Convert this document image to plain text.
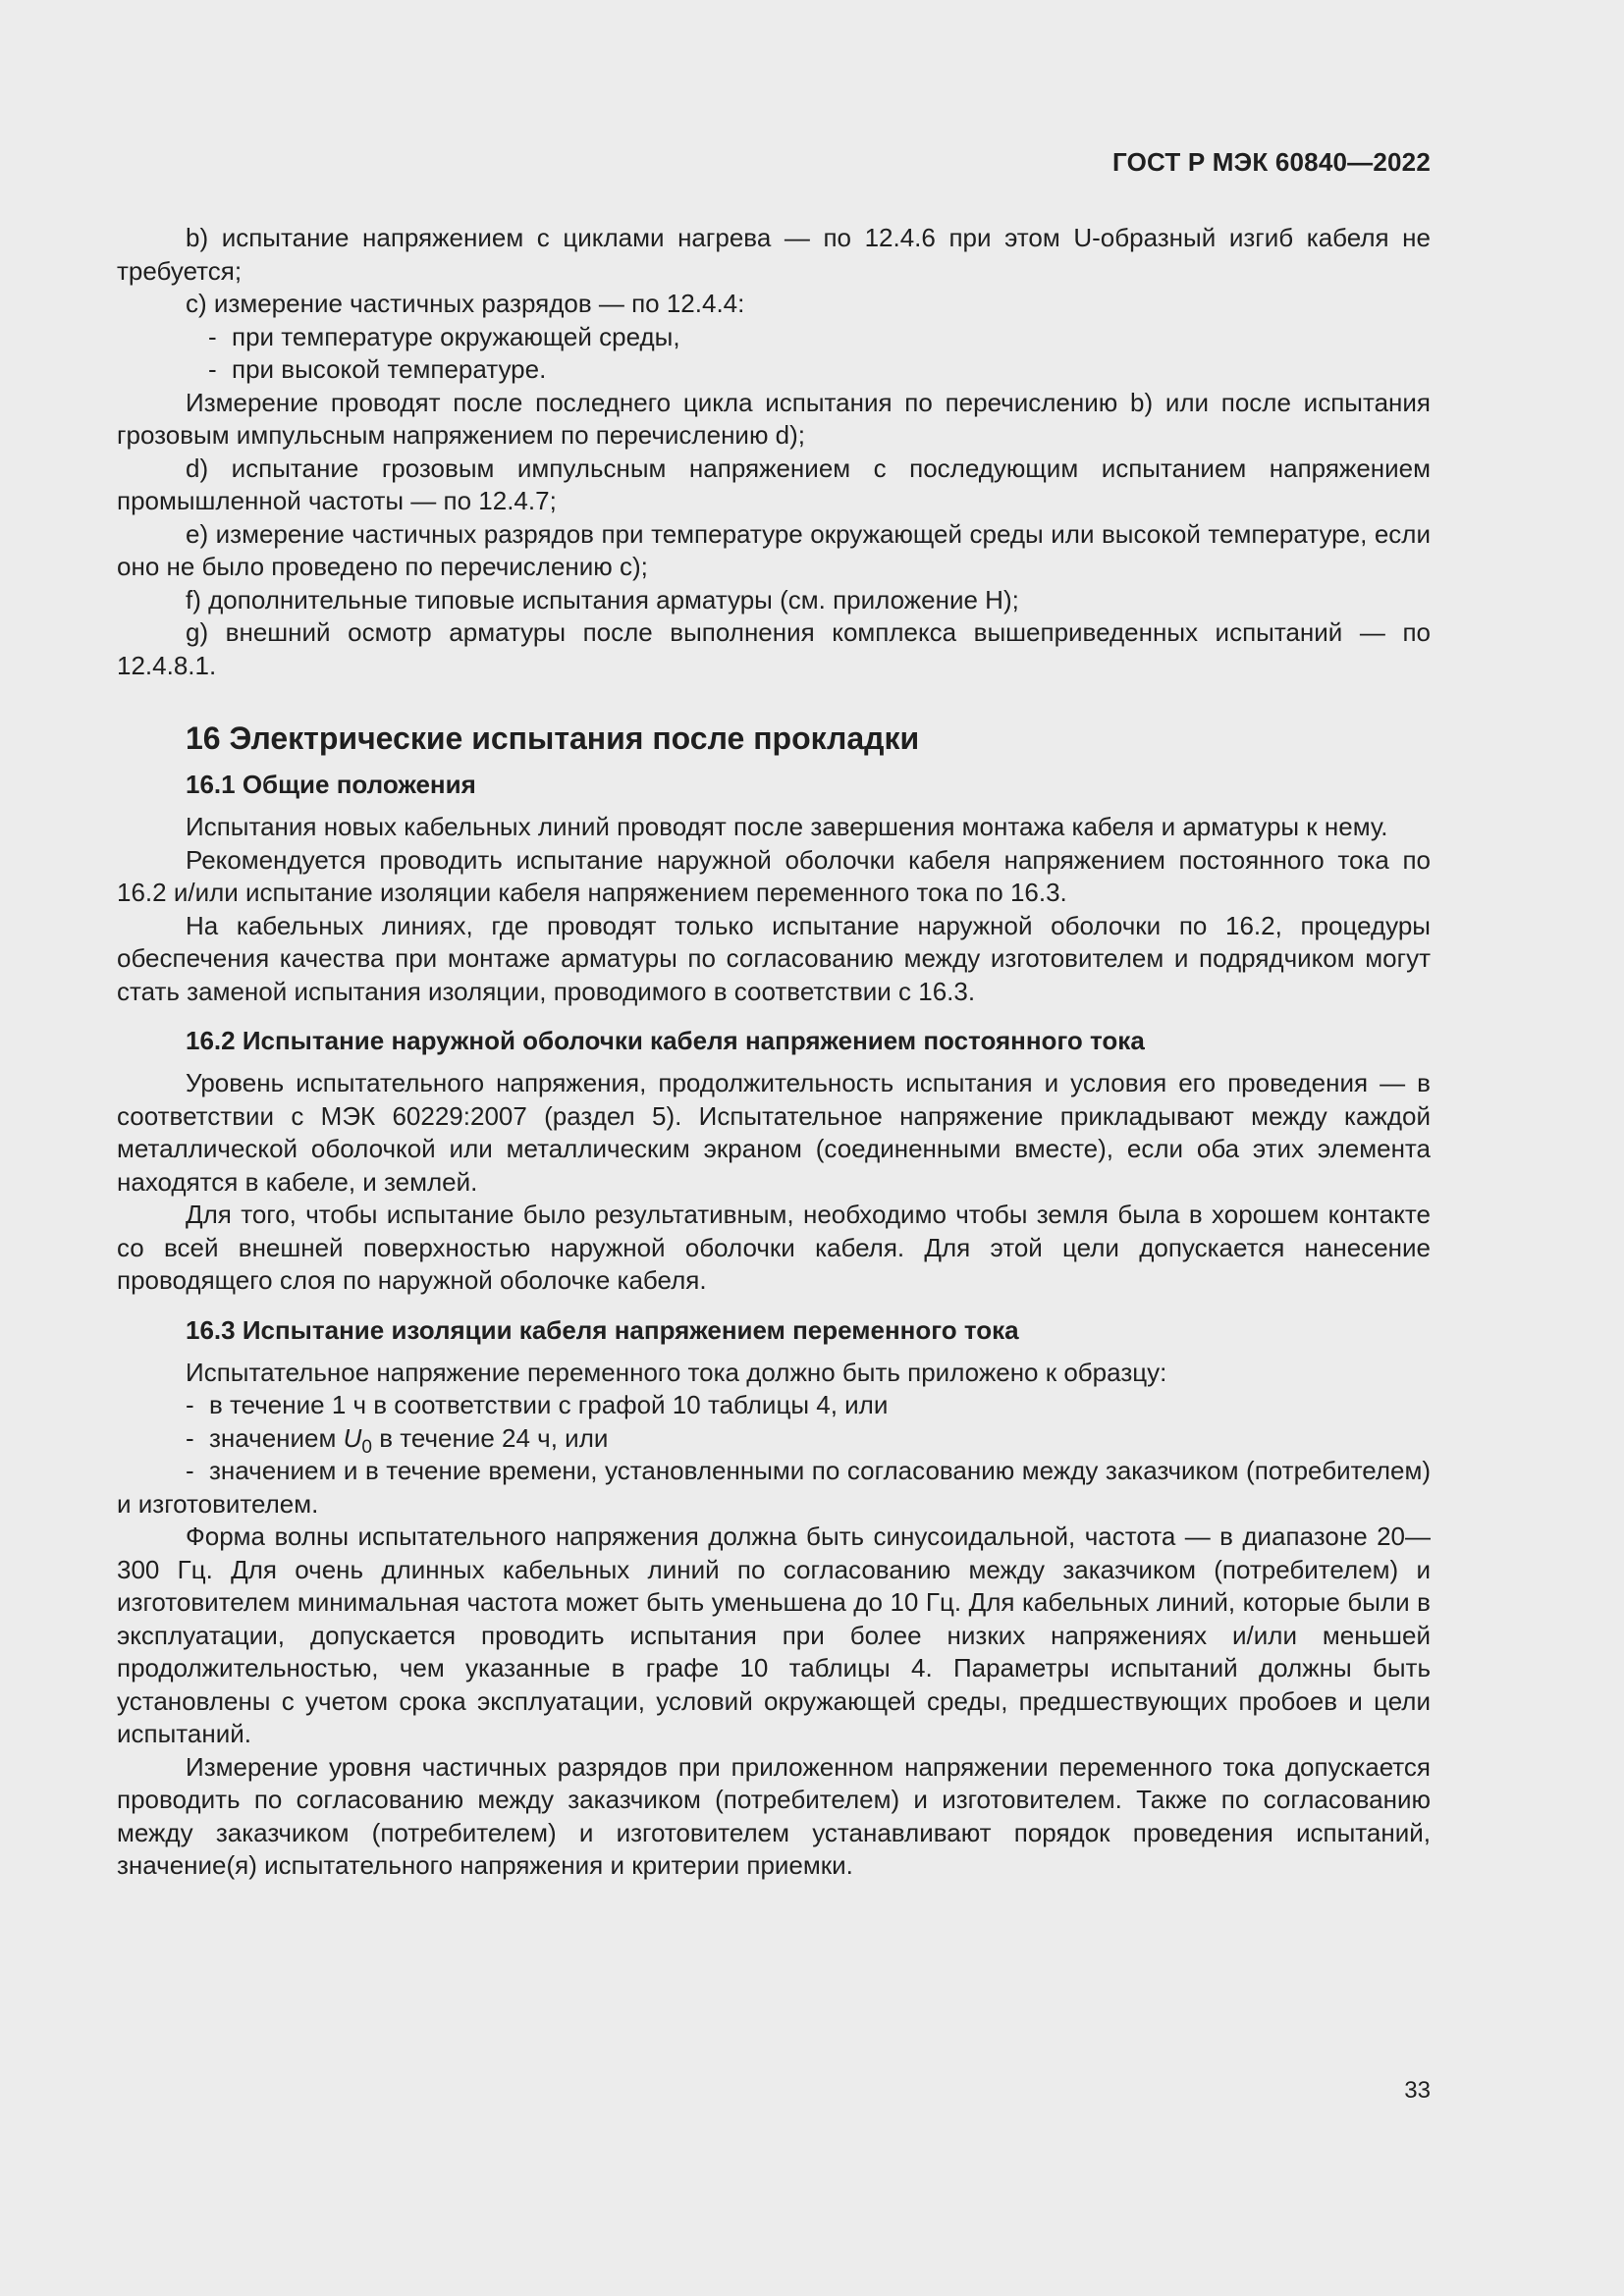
ГОСТ Р МЭК 60840—2022

b) испытание напряжением с циклами нагрева — по 12.4.6 при этом U-образный изгиб кабеля не требуется;

c) измерение частичных разрядов — по 12.4.4:

- при температуре окружающей среды,

- при высокой температуре.

Измерение проводят после последнего цикла испытания по перечислению b) или после испытания грозовым импульсным напряжением по перечислению d);

d) испытание грозовым импульсным напряжением с последующим испытанием напряжением промышленной частоты — по 12.4.7;

e) измерение частичных разрядов при температуре окружающей среды или высокой температуре, если оно не было проведено по перечислению с);

f) дополнительные типовые испытания арматуры (см. приложение Н);

g) внешний осмотр арматуры после выполнения комплекса вышеприведенных испытаний — по 12.4.8.1.

16 Электрические испытания после прокладки
16.1 Общие положения

Испытания новых кабельных линий проводят после завершения монтажа кабеля и арматуры к нему.

Рекомендуется проводить испытание наружной оболочки кабеля напряжением постоянного тока по 16.2 и/или испытание изоляции кабеля напряжением переменного тока по 16.3.

На кабельных линиях, где проводят только испытание наружной оболочки по 16.2, процедуры обеспечения качества при монтаже арматуры по согласованию между изготовителем и подрядчиком могут стать заменой испытания изоляции, проводимого в соответствии с 16.3.

16.2 Испытание наружной оболочки кабеля напряжением постоянного тока

Уровень испытательного напряжения, продолжительность испытания и условия его проведения — в соответствии с МЭК 60229:2007 (раздел 5). Испытательное напряжение прикладывают между каждой металлической оболочкой или металлическим экраном (соединенными вместе), если оба этих элемента находятся в кабеле, и землей.

Для того, чтобы испытание было результативным, необходимо чтобы земля была в хорошем контакте со всей внешней поверхностью наружной оболочки кабеля. Для этой цели допускается нанесение проводящего слоя по наружной оболочке кабеля.

16.3 Испытание изоляции кабеля напряжением переменного тока

Испытательное напряжение переменного тока должно быть приложено к образцу:

- в течение 1 ч в соответствии с графой 10 таблицы 4, или

- значением $U_0$ в течение 24 ч, или

- значением и в течение времени, установленными по согласованию между заказчиком (потребителем) и изготовителем.

Форма волны испытательного напряжения должна быть синусоидальной, частота — в диапазоне 20—300 Гц. Для очень длинных кабельных линий по согласованию между заказчиком (потребителем) и изготовителем минимальная частота может быть уменьшена до 10 Гц. Для кабельных линий, которые были в эксплуатации, допускается проводить испытания при более низких напряжениях и/или меньшей продолжительностью, чем указанные в графе 10 таблицы 4. Параметры испытаний должны быть установлены с учетом срока эксплуатации, условий окружающей среды, предшествующих пробоев и цели испытаний.

Измерение уровня частичных разрядов при приложенном напряжении переменного тока допускается проводить по согласованию между заказчиком (потребителем) и изготовителем. Также по согласованию между заказчиком (потребителем) и изготовителем устанавливают порядок проведения испытаний, значение(я) испытательного напряжения и критерии приемки.

33
